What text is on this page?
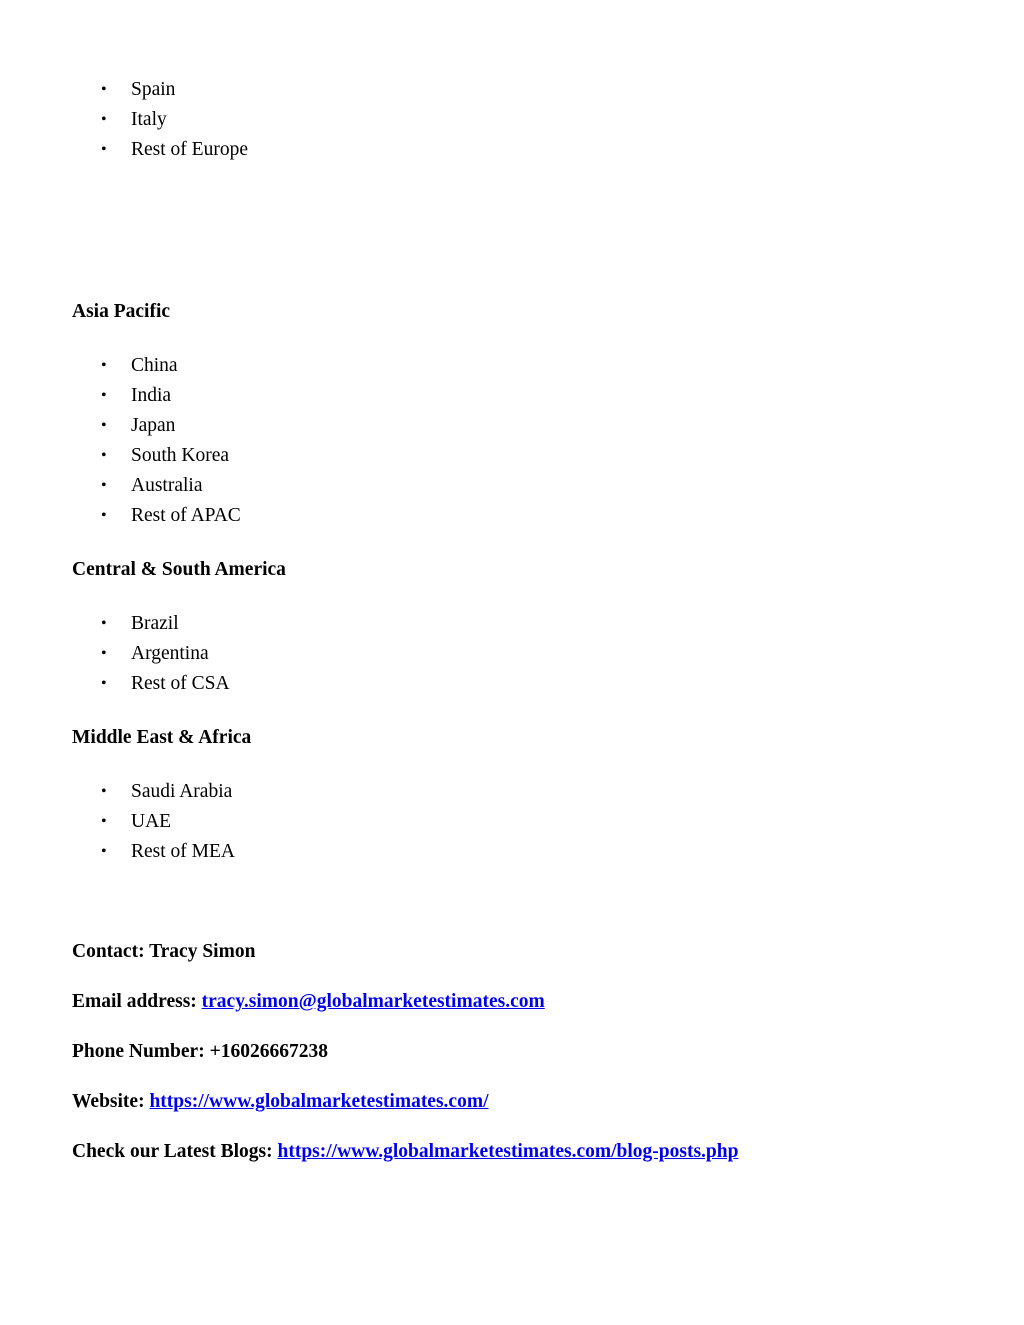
• Spain
• Italy
• Rest of Europe
Asia Pacific
• China
• India
• Japan
• South Korea
• Australia
• Rest of APAC
Central & South America
• Brazil
• Argentina
• Rest of CSA
Middle East & Africa
• Saudi Arabia
• UAE
• Rest of MEA
Contact: Tracy Simon
Email address: tracy.simon@globalmarketestimates.com
Phone Number: +16026667238
Website: https://www.globalmarketestimates.com/
Check our Latest Blogs: https://www.globalmarketestimates.com/blog-posts.php
